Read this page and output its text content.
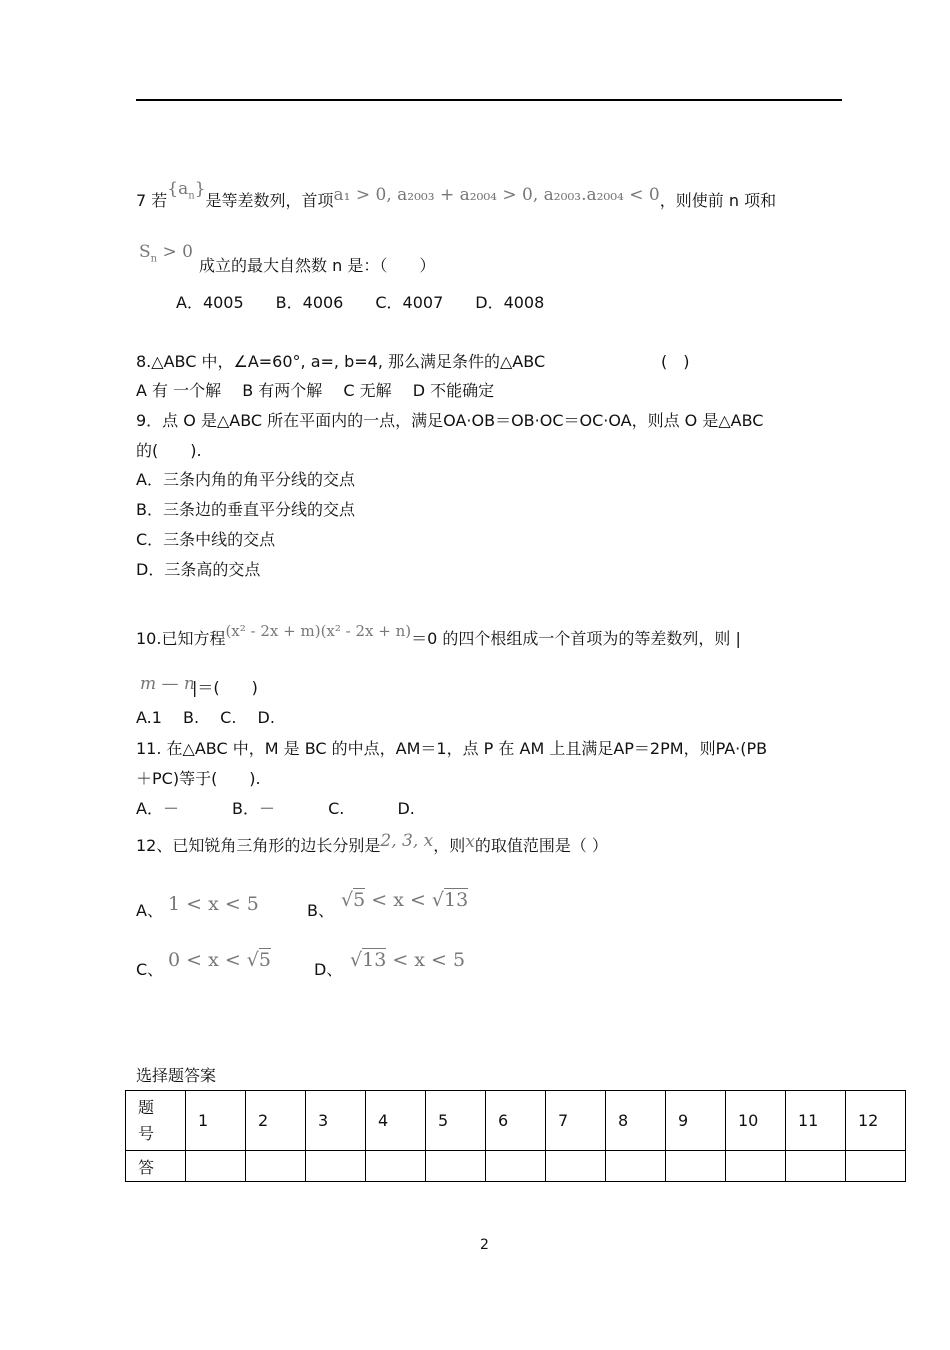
7 若$\{a_n\}$是等差数列，首项a₁ > 0, a₂₀₀₃ + a₂₀₀₄ > 0, a₂₀₀₃.a₂₀₀₄ < 0，则使前 n 项和
$S_n > 0$
成立的最大自然数 n 是：（　　）
A．4005　　B．4006　　C．4007　　D．4008
8.△ABC 中，∠A=60°, a=, b=4, 那么满足条件的△ABC	(　)
A 有 一个解　 B 有两个解　 C 无解　 D 不能确定
9．点 O 是△ABC 所在平面内的一点，满足OA·OB＝OB·OC＝OC·OA，则点 O 是△ABC
的(　　).
A．三条内角的角平分线的交点
B．三条边的垂直平分线的交点
C．三条中线的交点
D．三条高的交点
10.已知方程(x² - 2x + m)(x² - 2x + n)＝0 的四个根组成一个首项为的等差数列，则 |
m — n
|＝(　　)
A.1　 B.　 C.　 D.
11. 在△ABC 中，M 是 BC 的中点，AM＝1，点 P 在 AM 上且满足AP＝2PM，则PA·(PB
＋PC)等于(　　).
A．－　　　 B．－　　　 C.　　　 D.
12、已知锐角三角形的边长分别是2, 3, x，则x的取值范围是（ ）
A、 1 < x < 5	B、 √5 < x < √13
C、 0 < x < √5	D、 √13 < x < 5
选择题答案
题号	1	2	3	4	5	6	7	8	9	10	11	12
答												
2
